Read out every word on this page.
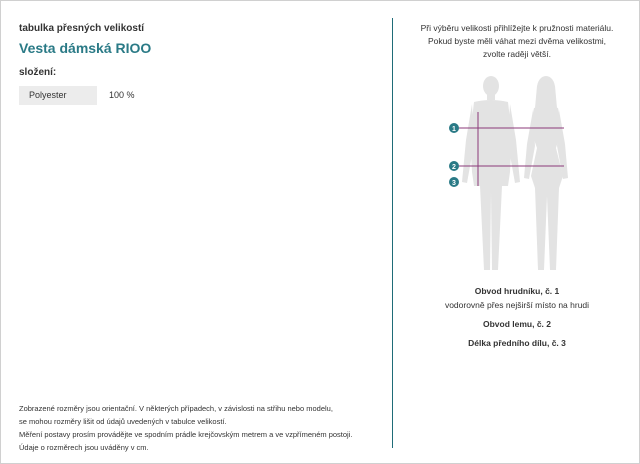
tabulka přesných velikostí
Vesta dámská RIOO
složení:
Polyester	100 %
Zobrazené rozměry jsou orientační. V některých případech, v závislosti na střihu nebo modelu,
se mohou rozměry lišit od údajů uvedených v tabulce velikostí.
Měření postavy prosím provádějte ve spodním prádle krejčovským metrem a ve vzpřímeném postoji.
Údaje o rozměrech jsou uváděny v cm.
Při výběru velikosti přihlížejte k pružnosti materiálu.
Pokud byste měli váhat mezi dvěma velikostmi,
zvolte raději větší.
1
2
3
Obvod hrudníku, č. 1
vodorovně přes nejširší místo na hrudi
Obvod lemu, č. 2
Délka předního dílu, č. 3
